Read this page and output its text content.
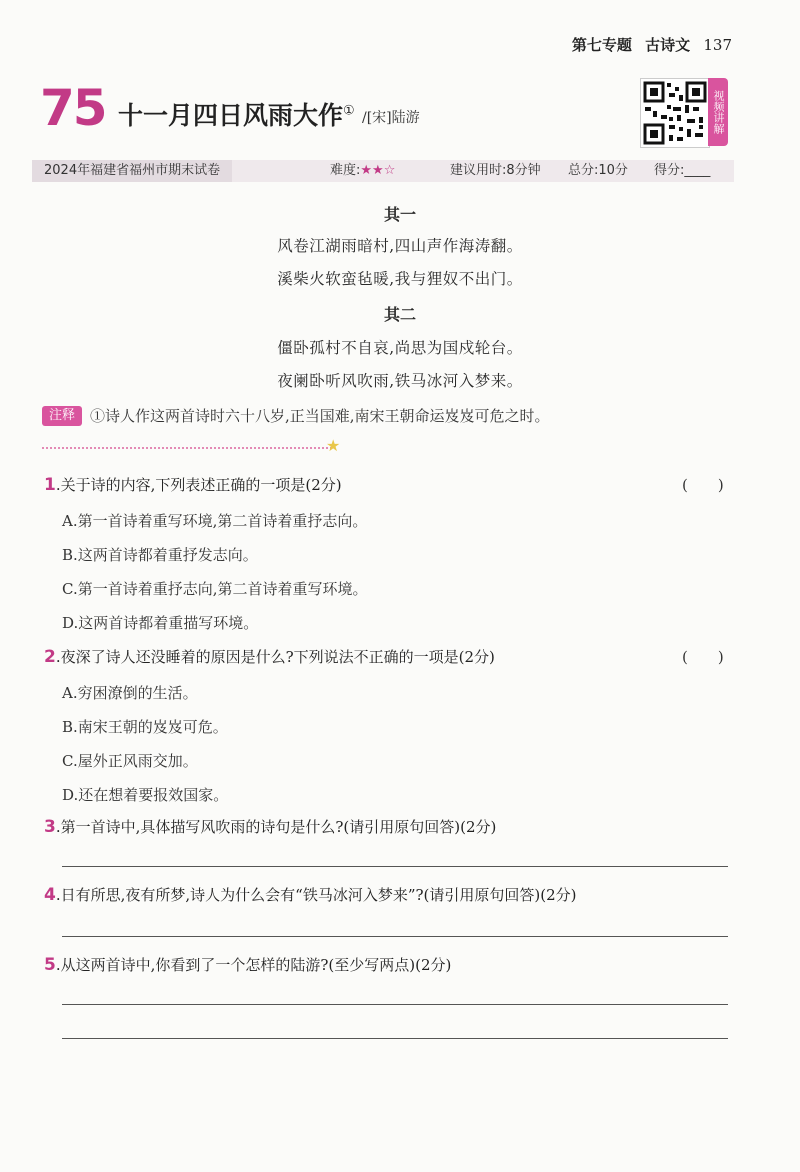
第七专题 古诗文 137
75 十一月四日风雨大作① /[宋]陆游	视频讲解
2024年福建省福州市期末试卷	难度:★★☆	建议用时:8分钟 总分:10分 得分:____
其一
风卷江湖雨暗村,四山声作海涛翻。
溪柴火软蛮毡暖,我与狸奴不出门。
其二
僵卧孤村不自哀,尚思为国戍轮台。
夜阑卧听风吹雨,铁马冰河入梦来。
注释	①诗人作这两首诗时六十八岁,正当国难,南宋王朝命运岌岌可危之时。
★
1.关于诗的内容,下列表述正确的一项是(2分)	(　　)
A.第一首诗着重写环境,第二首诗着重抒志向。
B.这两首诗都着重抒发志向。
C.第一首诗着重抒志向,第二首诗着重写环境。
D.这两首诗都着重描写环境。
2.夜深了诗人还没睡着的原因是什么?下列说法不正确的一项是(2分)	(　　)
A.穷困潦倒的生活。
B.南宋王朝的岌岌可危。
C.屋外正风雨交加。
D.还在想着要报效国家。
3.第一首诗中,具体描写风吹雨的诗句是什么?(请引用原句回答)(2分)
4.日有所思,夜有所梦,诗人为什么会有“铁马冰河入梦来”?(请引用原句回答)(2分)
5.从这两首诗中,你看到了一个怎样的陆游?(至少写两点)(2分)
